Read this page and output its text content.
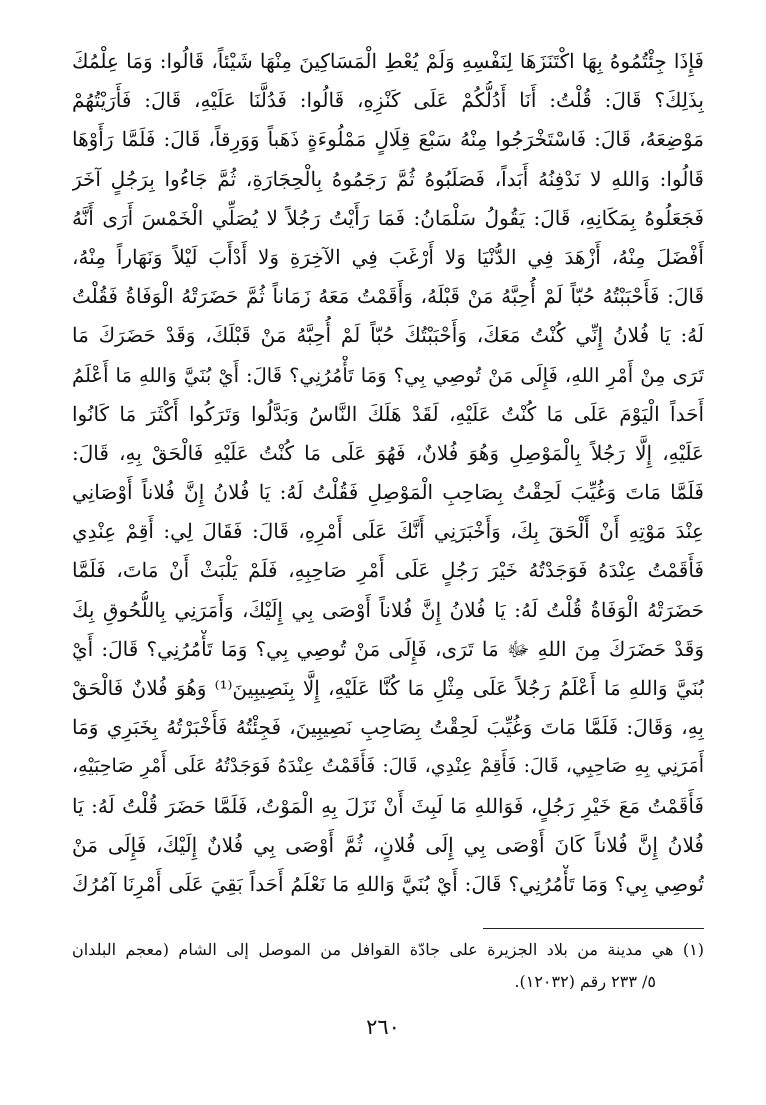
فَإِذَا جِئْتُمُوهُ بِهَا اكْتَنَزَهَا لِنَفْسِهِ وَلَمْ يُعْطِ الْمَسَاكِينَ مِنْهَا شَيْئاً، قَالُوا: وَمَا عِلْمُكَ
بِذَلِكَ؟ قَالَ: قُلْتُ: أَنَا أَدُلُّكُمْ عَلَى كَنْزِهِ، قَالُوا: فَدُلَّنَا عَلَيْهِ، قَالَ: فَأَرَيْتُهُمْ
مَوْضِعَهُ، قَالَ: فَاسْتَخْرَجُوا مِنْهُ سَبْعَ قِلَالٍ مَمْلُوءَةٍ ذَهَباً وَوَرِقاً، قَالَ: فَلَمَّا رَأَوْهَا
قَالُوا: وَاللهِ لا نَدْفِنُهُ أَبَداً، فَصَلَبُوهُ ثُمَّ رَجَمُوهُ بِالْحِجَارَةِ، ثُمَّ جَاءُوا بِرَجُلٍ آخَرَ
فَجَعَلُوهُ بِمَكَانِهِ، قَالَ: يَقُولُ سَلْمَانُ: فَمَا رَأَيْتُ رَجُلاً لا يُصَلِّي الْخَمْسَ أَرَى أَنَّهُ
أَفْضَلَ مِنْهُ، أَزْهَدَ فِي الدُّنْيَا وَلا أَرْغَبَ فِي الآخِرَةِ وَلا أَدْأَبَ لَيْلاً وَنَهَاراً مِنْهُ،
قَالَ: فَأَحْبَبْتُهُ حُبّاً لَمْ أُحِبَّهُ مَنْ قَبْلَهُ، وَأَقَمْتُ مَعَهُ زَمَاناً ثُمَّ حَضَرَتْهُ الْوَفَاةُ فَقُلْتُ
لَهُ: يَا فُلانُ إِنِّي كُنْتُ مَعَكَ، وَأَحْبَبْتُكَ حُبّاً لَمْ أُحِبَّهُ مَنْ قَبْلَكَ، وَقَدْ حَضَرَكَ مَا
تَرَى مِنْ أَمْرِ اللهِ، فَإِلَى مَنْ تُوصِي بِي؟ وَمَا تَأْمُرُنِي؟ قَالَ: أَيْ بُنَيَّ وَاللهِ مَا أَعْلَمُ
أَحَداً الْيَوْمَ عَلَى مَا كُنْتُ عَلَيْهِ، لَقَدْ هَلَكَ النَّاسُ وَبَدَّلُوا وَتَرَكُوا أَكْثَرَ مَا كَانُوا
عَلَيْهِ، إِلَّا رَجُلاً بِالْمَوْصِلِ وَهُوَ فُلانٌ، فَهُوَ عَلَى مَا كُنْتُ عَلَيْهِ فَالْحَقْ بِهِ، قَالَ:
فَلَمَّا مَاتَ وَغُيِّبَ لَحِقْتُ بِصَاحِبِ الْمَوْصِلِ فَقُلْتُ لَهُ: يَا فُلانُ إِنَّ فُلاناً أَوْصَانِي
عِنْدَ مَوْتِهِ أَنْ أَلْحَقَ بِكَ، وَأَخْبَرَنِي أَنَّكَ عَلَى أَمْرِهِ، قَالَ: فَقَالَ لِي: أَقِمْ عِنْدِي
فَأَقَمْتُ عِنْدَهُ فَوَجَدْتُهُ خَيْرَ رَجُلٍ عَلَى أَمْرِ صَاحِبِهِ، فَلَمْ يَلْبَثْ أَنْ مَاتَ، فَلَمَّا
حَضَرَتْهُ الْوَفَاةُ قُلْتُ لَهُ: يَا فُلانُ إِنَّ فُلاناً أَوْصَى بِي إِلَيْكَ، وَأَمَرَنِي بِاللُّحُوقِ بِكَ
وَقَدْ حَضَرَكَ مِنَ اللهِ ﷻ مَا تَرَى، فَإِلَى مَنْ تُوصِي بِي؟ وَمَا تَأْمُرُنِي؟ قَالَ: أَيْ
بُنَيَّ وَاللهِ مَا أَعْلَمُ رَجُلاً عَلَى مِثْلِ مَا كُنَّا عَلَيْهِ، إِلَّا بِنَصِيبِينَ⁽¹⁾ وَهُوَ فُلانٌ فَالْحَقْ
بِهِ، وَقَالَ: فَلَمَّا مَاتَ وَغُيِّبَ لَحِقْتُ بِصَاحِبِ نَصِيبِينَ، فَجِئْتُهُ فَأَخْبَرْتُهُ بِخَبَرِي وَمَا
أَمَرَنِي بِهِ صَاحِبِي، قَالَ: فَأَقِمْ عِنْدِي، قَالَ: فَأَقَمْتُ عِنْدَهُ فَوَجَدْتُهُ عَلَى أَمْرِ صَاحِبَيْهِ،
فَأَقَمْتُ مَعَ خَيْرِ رَجُلٍ، فَوَاللهِ مَا لَبِثَ أَنْ نَزَلَ بِهِ الْمَوْتُ، فَلَمَّا حَضَرَ قُلْتُ لَهُ: يَا
فُلانُ إِنَّ فُلاناً كَانَ أَوْصَى بِي إِلَى فُلانٍ، ثُمَّ أَوْصَى بِي فُلانٌ إِلَيْكَ، فَإِلَى مَنْ
تُوصِي بِي؟ وَمَا تَأْمُرُنِي؟ قَالَ: أَيْ بُنَيَّ وَاللهِ مَا نَعْلَمُ أَحَداً بَقِيَ عَلَى أَمْرِنَا آمُرُكَ
(١) هي مدينة من بلاد الجزيرة على جادّة القوافل من الموصل إلى الشام (معجم البلدان
٥/ ٢٣٣ رقم (١٢٠٣٢).
٢٦٠
